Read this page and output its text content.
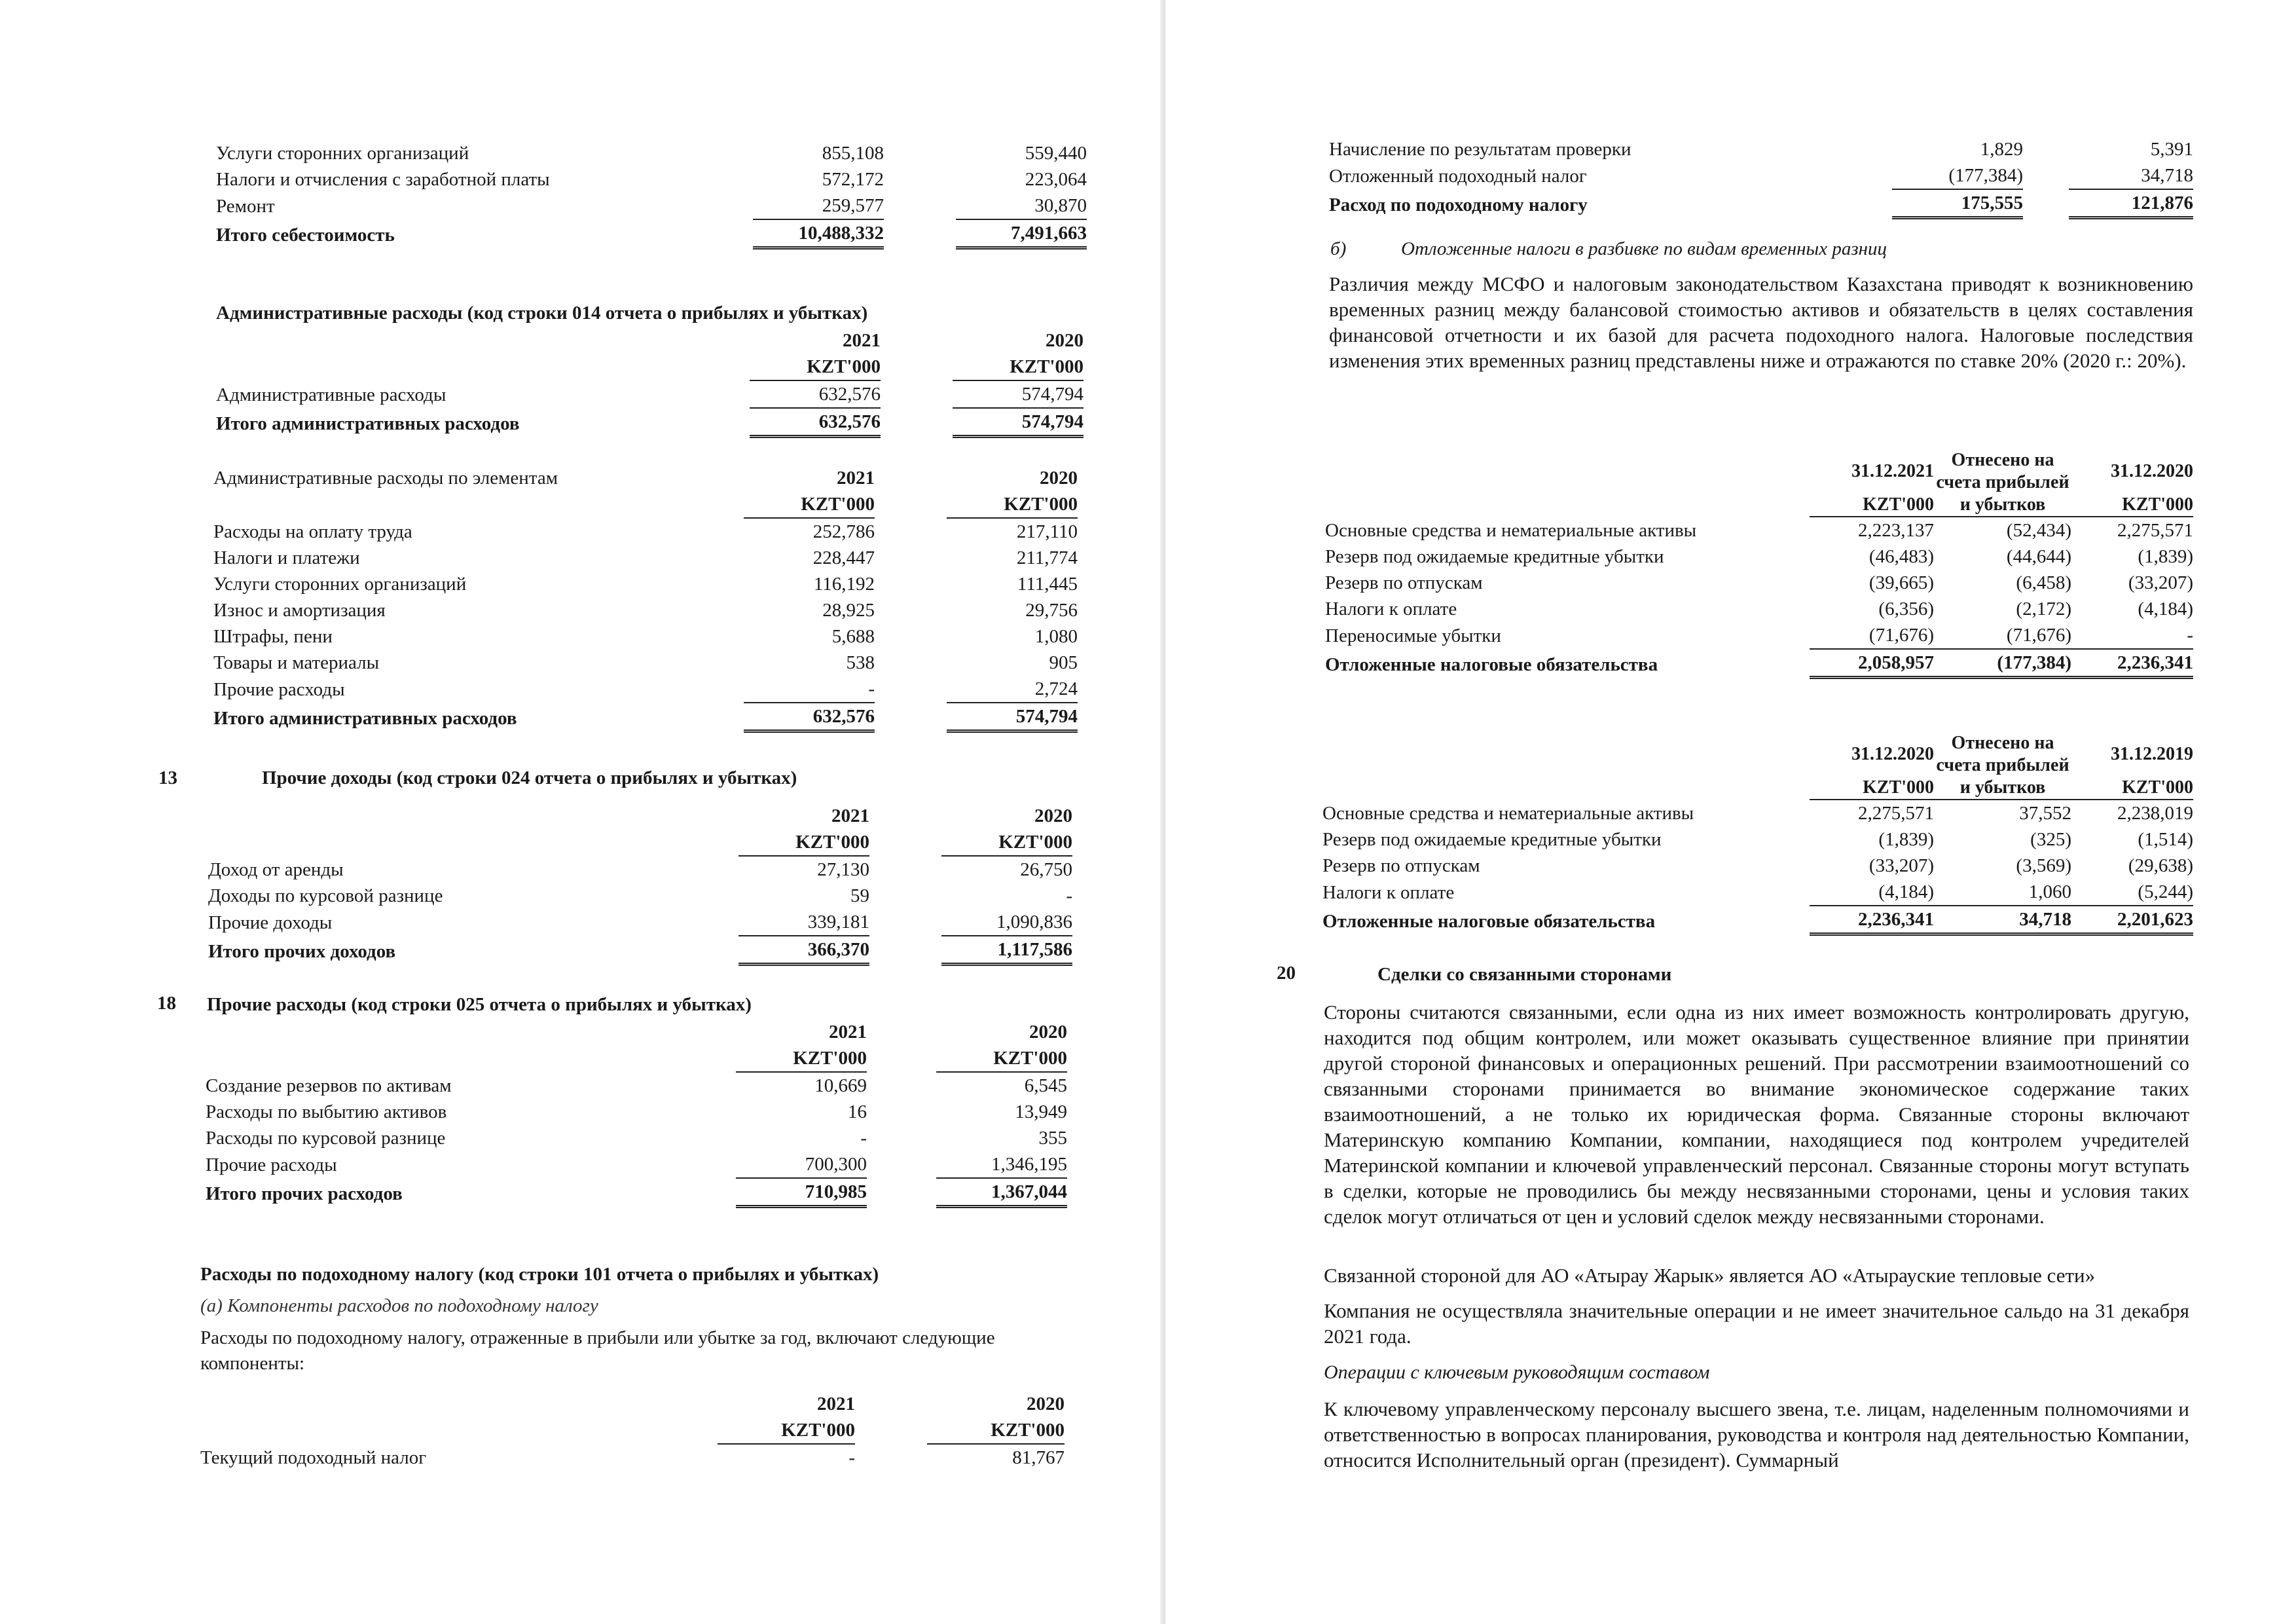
Услуги сторонних организаций	855,108		559,440
Налоги и отчисления с заработной платы	572,172		223,064
Ремонт	259,577		30,870
Итого себестоимость	10,488,332		7,491,663
Административные расходы (код строки 014 отчета о прибылях и убытках)
	2021		2020
	KZT'000		KZT'000
Административные расходы	632,576		574,794
Итого административных расходов	632,576		574,794
Административные расходы по элементам	2021		2020
	KZT'000		KZT'000
Расходы на оплату труда	252,786		217,110
Налоги и платежи	228,447		211,774
Услуги сторонних организаций	116,192		111,445
Износ и амортизация	28,925		29,756
Штрафы, пени	5,688		1,080
Товары и материалы	538		905
Прочие расходы	-		2,724
Итого административных расходов	632,576		574,794
13	Прочие доходы (код строки 024 отчета о прибылях и убытках)
	2021		2020
	KZT'000		KZT'000
Доход от аренды	27,130		26,750
Доходы по курсовой разнице	59		-
Прочие доходы	339,181		1,090,836
Итого прочих доходов	366,370		1,117,586
18 Прочие расходы (код строки 025 отчета о прибылях и убытках)
	2021		2020
	KZT'000		KZT'000
Создание резервов по активам	10,669		6,545
Расходы по выбытию активов	16		13,949
Расходы по курсовой разнице	-		355
Прочие расходы	700,300		1,346,195
Итого прочих расходов	710,985		1,367,044
Расходы по подоходному налогу (код строки 101 отчета о прибылях и убытках)
(а) Компоненты расходов по подоходному налогу

Расходы по подоходному налогу, отраженные в прибыли или убытке за год, включают следующие компоненты:

	2021		2020
	KZT'000		KZT'000
Текущий подоходный налог	-		81,767
Начисление по результатам проверки	1,829		5,391
Отложенный подоходный налог	(177,384)		34,718
Расход по подоходному налогу	175,555		121,876
б)	Отложенные налоги в разбивке по видам временных разниц

Различия между МСФО и налоговым законодательством Казахстана приводят к возникновению временных разниц между балансовой стоимостью активов и обязательств в целях составления финансовой отчетности и их базой для расчета подоходного налога. Налоговые последствия изменения этих временных разниц представлены ниже и отражаются по ставке 20% (2020 г.: 20%).

	31.12.2021	Отнесено на счета прибылей и убытков	31.12.2020
	KZT'000		KZT'000
Основные средства и нематериальные активы	2,223,137	(52,434)	2,275,571
Резерв под ожидаемые кредитные убытки	(46,483)	(44,644)	(1,839)
Резерв по отпускам	(39,665)	(6,458)	(33,207)
Налоги к оплате	(6,356)	(2,172)	(4,184)
Переносимые убытки	(71,676)	(71,676)	-
Отложенные налоговые обязательства	2,058,957	(177,384)	2,236,341
	31.12.2020	Отнесено на счета прибылей и убытков	31.12.2019
	KZT'000		KZT'000
Основные средства и нематериальные активы	2,275,571	37,552	2,238,019
Резерв под ожидаемые кредитные убытки	(1,839)	(325)	(1,514)
Резерв по отпускам	(33,207)	(3,569)	(29,638)
Налоги к оплате	(4,184)	1,060	(5,244)
Отложенные налоговые обязательства	2,236,341	34,718	2,201,623
20	Сделки со связанными сторонами

Стороны считаются связанными, если одна из них имеет возможность контролировать другую, находится под общим контролем, или может оказывать существенное влияние при принятии другой стороной финансовых и операционных решений. При рассмотрении взаимоотношений со связанными сторонами принимается во внимание экономическое содержание таких взаимоотношений, а не только их юридическая форма. Связанные стороны включают Материнскую компанию Компании, компании, находящиеся под контролем учредителей Материнской компании и ключевой управленческий персонал. Связанные стороны могут вступать в сделки, которые не проводились бы между несвязанными сторонами, цены и условия таких сделок могут отличаться от цен и условий сделок между несвязанными сторонами.

Связанной стороной для АО «Атырау Жарык» является АО «Атырауские тепловые сети»

Компания не осуществляла значительные операции и не имеет значительное сальдо на 31 декабря 2021 года.

Операции с ключевым руководящим составом

К ключевому управленческому персоналу высшего звена, т.е. лицам, наделенным полномочиями и ответственностью в вопросах планирования, руководства и контроля над деятельностью Компании, относится Исполнительный орган (президент). Суммарный
